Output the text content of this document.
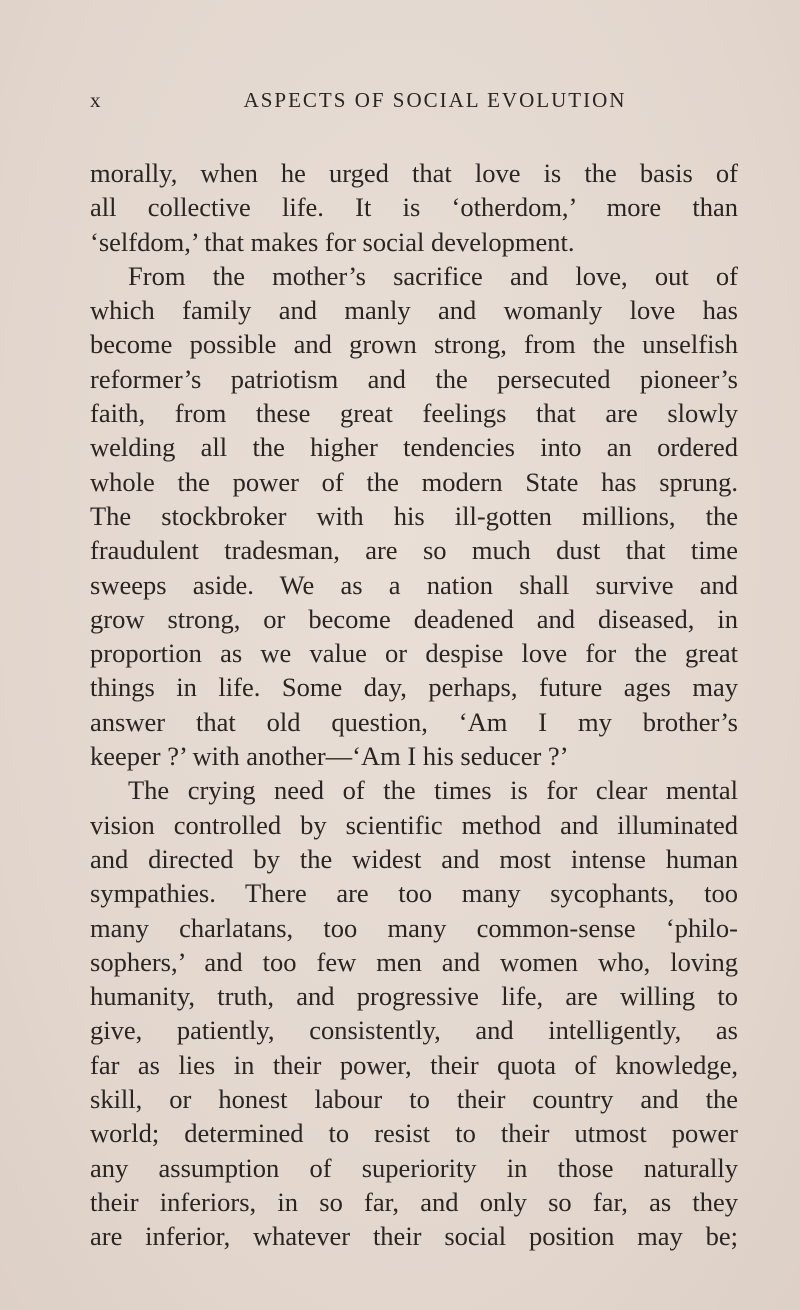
x	ASPECTS OF SOCIAL EVOLUTION
morally, when he urged that love is the basis of
all collective life. It is ‘otherdom,’ more than
‘selfdom,’ that makes for social development.
From the mother’s sacrifice and love, out of
which family and manly and womanly love has
become possible and grown strong, from the unselfish
reformer’s patriotism and the persecuted pioneer’s
faith, from these great feelings that are slowly
welding all the higher tendencies into an ordered
whole the power of the modern State has sprung.
The stockbroker with his ill-gotten millions, the
fraudulent tradesman, are so much dust that time
sweeps aside. We as a nation shall survive and
grow strong, or become deadened and diseased, in
proportion as we value or despise love for the great
things in life. Some day, perhaps, future ages may
answer that old question, ‘Am I my brother’s
keeper ?’ with another—‘Am I his seducer ?’
The crying need of the times is for clear mental
vision controlled by scientific method and illuminated
and directed by the widest and most intense human
sympathies. There are too many sycophants, too
many charlatans, too many common-sense ‘philo-
sophers,’ and too few men and women who, loving
humanity, truth, and progressive life, are willing to
give, patiently, consistently, and intelligently, as
far as lies in their power, their quota of knowledge,
skill, or honest labour to their country and the
world; determined to resist to their utmost power
any assumption of superiority in those naturally
their inferiors, in so far, and only so far, as they
are inferior, whatever their social position may be;
